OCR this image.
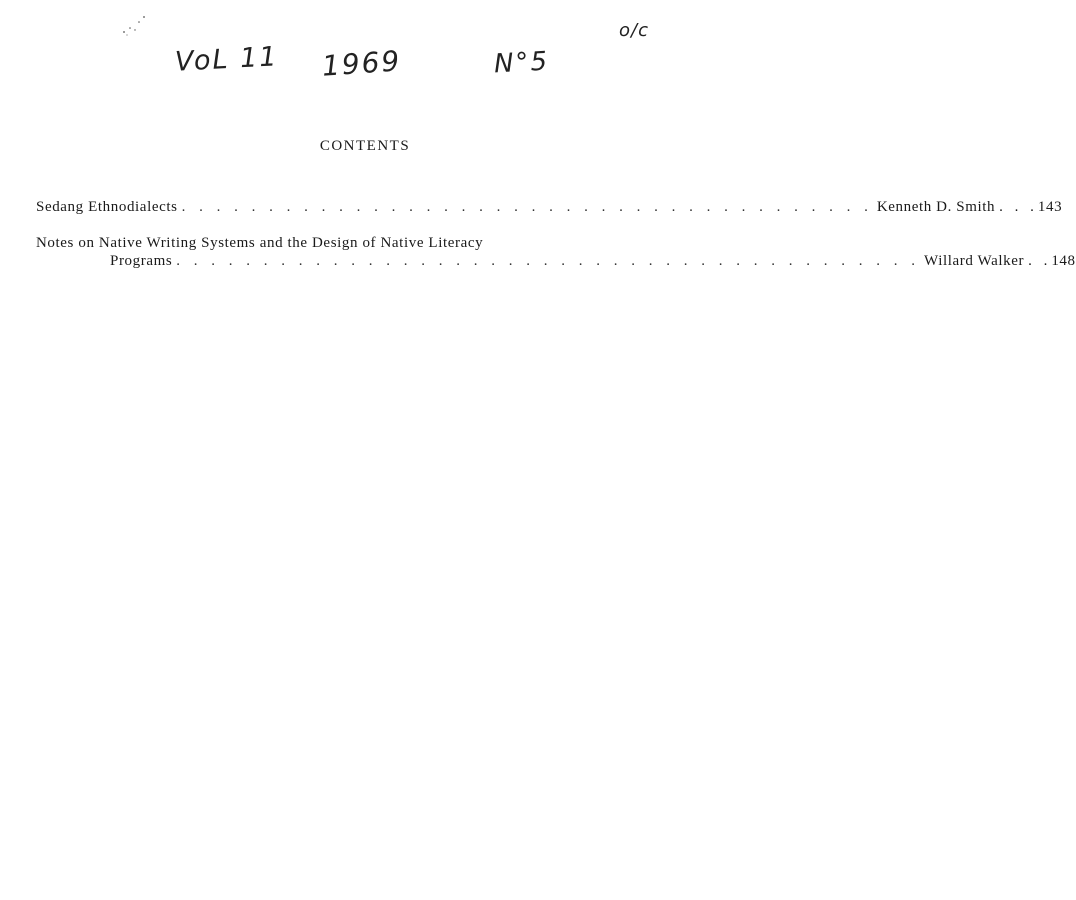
VoL 11 1969	N°5
o/c
CONTENTS
Sedang Ethnodialects . . . . . . . . . . . . . . . . . . . . . . . . . . . . . . . . . . . . . . . . Kenneth D. Smith . . . 143
Notes on Native Writing Systems and the Design of Native Literacy
Programs . . . . . . . . . . . . . . . . . . . . . . . . . . . . . . . . . . . . . . . . . . . Willard Walker . . 148
